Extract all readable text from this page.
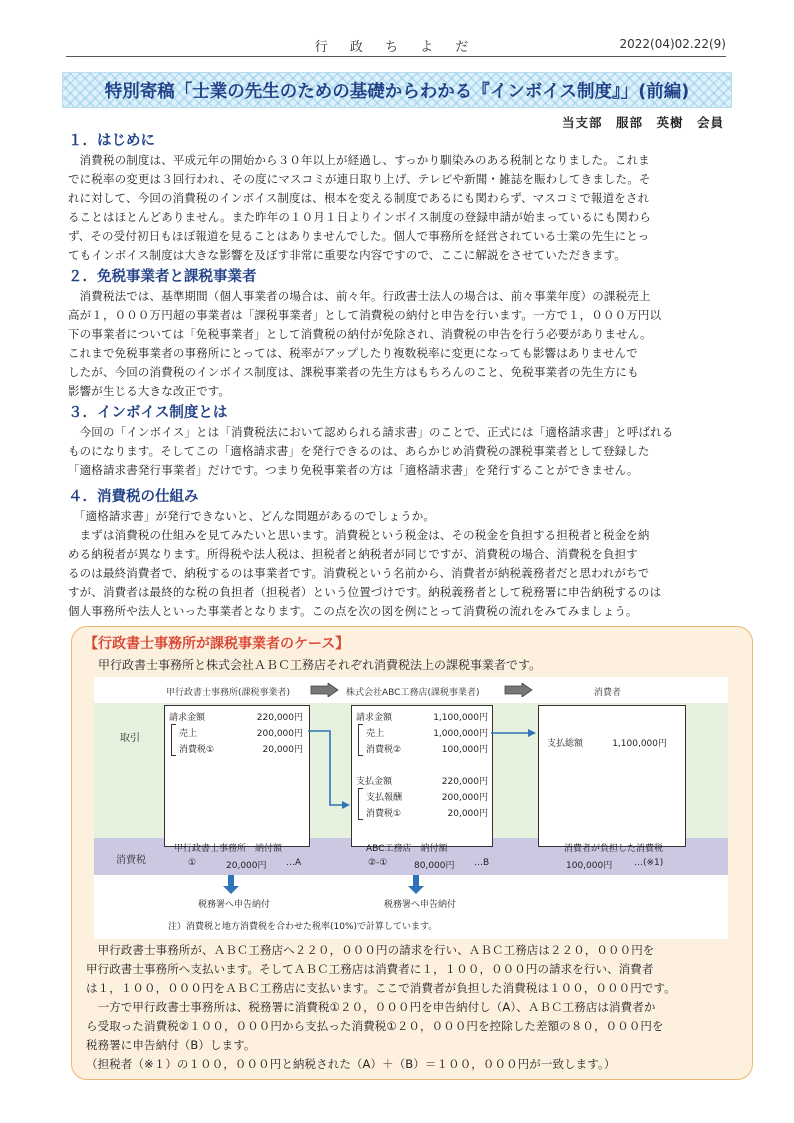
行 政 ち よ だ	2022(04)02.22(9)
特別寄稿「士業の先生のための基礎からわかる『インボイス制度』」(前編)
当支部　服部　英樹　会員
１．はじめに

　消費税の制度は、平成元年の開始から３０年以上が経過し、すっかり馴染みのある税制となりました。これま
でに税率の変更は３回行われ、その度にマスコミが連日取り上げ、テレビや新聞・雑誌を賑わしてきました。そ
れに対して、今回の消費税のインボイス制度は、根本を変える制度であるにも関わらず、マスコミで報道をされ
ることはほとんどありません。また昨年の１０月１日よりインボイス制度の登録申請が始まっているにも関わら
ず、その受付初日もほぼ報道を見ることはありませんでした。個人で事務所を経営されている士業の先生にとっ
てもインボイス制度は大きな影響を及ぼす非常に重要な内容ですので、ここに解説をさせていただきます。

２．免税事業者と課税事業者

　消費税法では、基準期間（個人事業者の場合は、前々年。行政書士法人の場合は、前々事業年度）の課税売上
高が１，０００万円超の事業者は「課税事業者」として消費税の納付と申告を行います。一方で１，０００万円以
下の事業者については「免税事業者」として消費税の納付が免除され、消費税の申告を行う必要がありません。
これまで免税事業者の事務所にとっては、税率がアップしたり複数税率に変更になっても影響はありませんで
したが、今回の消費税のインボイス制度は、課税事業者の先生方はもちろんのこと、免税事業者の先生方にも
影響が生じる大きな改正です。

３．インボイス制度とは

　今回の「インボイス」とは「消費税法において認められる請求書」のことで、正式には「適格請求書」と呼ばれる
ものになります。そしてこの「適格請求書」を発行できるのは、あらかじめ消費税の課税事業者として登録した
「適格請求書発行事業者」だけです。つまり免税事業者の方は「適格請求書」を発行することができません。

４．消費税の仕組み

　「適格請求書」が発行できないと、どんな問題があるのでしょうか。
　まずは消費税の仕組みを見てみたいと思います。消費税という税金は、その税金を負担する担税者と税金を納
める納税者が異なります。所得税や法人税は、担税者と納税者が同じですが、消費税の場合、消費税を負担す
るのは最終消費者で、納税するのは事業者です。消費税という名前から、消費者が納税義務者だと思われがちで
すが、消費者は最終的な税の負担者（担税者）という位置づけです。納税義務者として税務署に申告納税するのは
個人事務所や法人といった事業者となります。この点を次の図を例にとって消費税の流れをみてみましょう。

【行政書士事務所が課税事業者のケース】
甲行政書士事務所と株式会社ＡＢＣ工務店それぞれ消費税法上の課税事業者です。
甲行政書士事務所(課税事業者)	株式会社ABC工務店(課税事業者)	消費者
取引
消費税
請求金額	220,000円
売上	200,000円
消費税①	20,000円
請求金額	1,100,000円
売上	1,000,000円
消費税②	100,000円
支払金額	220,000円
支払報酬	200,000円
消費税①	20,000円
支払総額	1,100,000円
甲行政書士事務所　納付額
①	20,000円 …A
ABC工務店　納付額
②-①	80,000円 …B
消費者が負担した消費税
100,000円 …(※1)
税務署へ申告納付	税務署へ申告納付
注）消費税と地方消費税を合わせた税率(10%)で計算しています。

　甲行政書士事務所が、ＡＢＣ工務店へ２２０，０００円の請求を行い、ＡＢＣ工務店は２２０，０００円を
甲行政書士事務所へ支払います。そしてＡＢＣ工務店は消費者に１，１００，０００円の請求を行い、消費者
は１，１００，０００円をＡＢＣ工務店に支払います。ここで消費者が負担した消費税は１００，０００円です。
　一方で甲行政書士事務所は、税務署に消費税①２０，０００円を申告納付し（A）、ＡＢＣ工務店は消費者か
ら受取った消費税②１００，０００円から支払った消費税①２０，０００円を控除した差額の８０，０００円を
税務署に申告納付（B）します。
（担税者（※１）の１００，０００円と納税された（A）＋（B）＝１００，０００円が一致します。）
